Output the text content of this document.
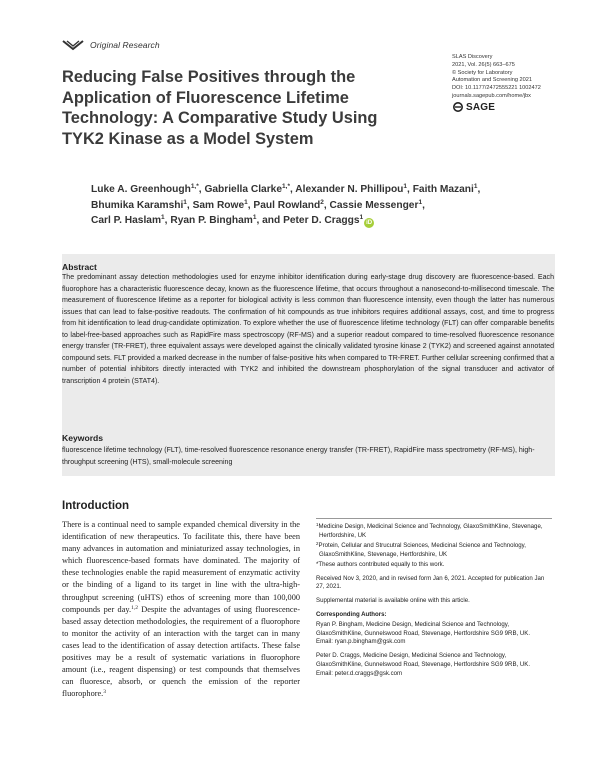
Original Research
Reducing False Positives through the Application of Fluorescence Lifetime Technology: A Comparative Study Using TYK2 Kinase as a Model System
SLAS Discovery
2021, Vol. 26(5) 663–675
© Society for Laboratory
Automation and Screening 2021
DOI: 10.1177/2472555221 1002472
journals.sagepub.com/home/jbx
SAGE
Luke A. Greenhough$^{1,*}$, Gabriella Clarke$^{1,*}$, Alexander N. Phillipou$^1$, Faith Mazani$^1$,
Bhumika Karamshi$^1$, Sam Rowe$^1$, Paul Rowland$^2$, Cassie Messenger$^1$,
Carl P. Haslam$^1$, Ryan P. Bingham$^1$, and Peter D. Craggs$^1$iD
Abstract

The predominant assay detection methodologies used for enzyme inhibitor identification during early-stage drug discovery are fluorescence-based. Each fluorophore has a characteristic fluorescence decay, known as the fluorescence lifetime, that occurs throughout a nanosecond-to-millisecond timescale. The measurement of fluorescence lifetime as a reporter for biological activity is less common than fluorescence intensity, even though the latter has numerous issues that can lead to false-positive readouts. The confirmation of hit compounds as true inhibitors requires additional assays, cost, and time to progress from hit identification to lead drug-candidate optimization. To explore whether the use of fluorescence lifetime technology (FLT) can offer comparable benefits to label-free-based approaches such as RapidFire mass spectroscopy (RF-MS) and a superior readout compared to time-resolved fluorescence resonance energy transfer (TR-FRET), three equivalent assays were developed against the clinically validated tyrosine kinase 2 (TYK2) and screened against annotated compound sets. FLT provided a marked decrease in the number of false-positive hits when compared to TR-FRET. Further cellular screening confirmed that a number of potential inhibitors directly interacted with TYK2 and inhibited the downstream phosphorylation of the signal transducer and activator of transcription 4 protein (STAT4).

Keywords

fluorescence lifetime technology (FLT), time-resolved fluorescence resonance energy transfer (TR-FRET), RapidFire mass spectrometry (RF-MS), high-throughput screening (HTS), small-molecule screening

Introduction

There is a continual need to sample expanded chemical diversity in the identification of new therapeutics. To facilitate this, there have been many advances in automation and miniaturized assay technologies, in which fluorescence-based formats have dominated. The majority of these technologies enable the rapid measurement of enzymatic activity or the binding of a ligand to its target in line with the ultra-high-throughput screening (uHTS) ethos of screening more than 100,000 compounds per day.$^{1,2}$ Despite the advantages of using fluorescence-based assay detection methodologies, the requirement of a fluorophore to monitor the activity of an interaction with the target can in many cases lead to the identification of assay detection artifacts. These false positives may be a result of systematic variations in fluorophore amount (i.e., reagent dispensing) or test compounds that themselves can fluoresce, absorb, or quench the emission of the reporter fluorophore.$^3$

$^1$Medicine Design, Medicinal Science and Technology, GlaxoSmithKline, Stevenage, Hertfordshire, UK
$^2$Protein, Cellular and Strucutral Sciences, Medicinal Science and Technology, GlaxoSmithKline, Stevenage, Hertfordshire, UK
*These authors contributed equally to this work.
Received Nov 3, 2020, and in revised form Jan 6, 2021. Accepted for publication Jan 27, 2021.
Supplemental material is available online with this article.
Corresponding Authors:
Ryan P. Bingham, Medicine Design, Medicinal Science and Technology, GlaxoSmithKline, Gunnelswood Road, Stevenage, Hertfordshire SG9 9RB, UK.
Email: ryan.p.bingham@gsk.com
Peter D. Craggs, Medicine Design, Medicinal Science and Technology, GlaxoSmithKline, Gunnelswood Road, Stevenage, Hertfordshire SG9 9RB, UK.
Email: peter.d.craggs@gsk.com
